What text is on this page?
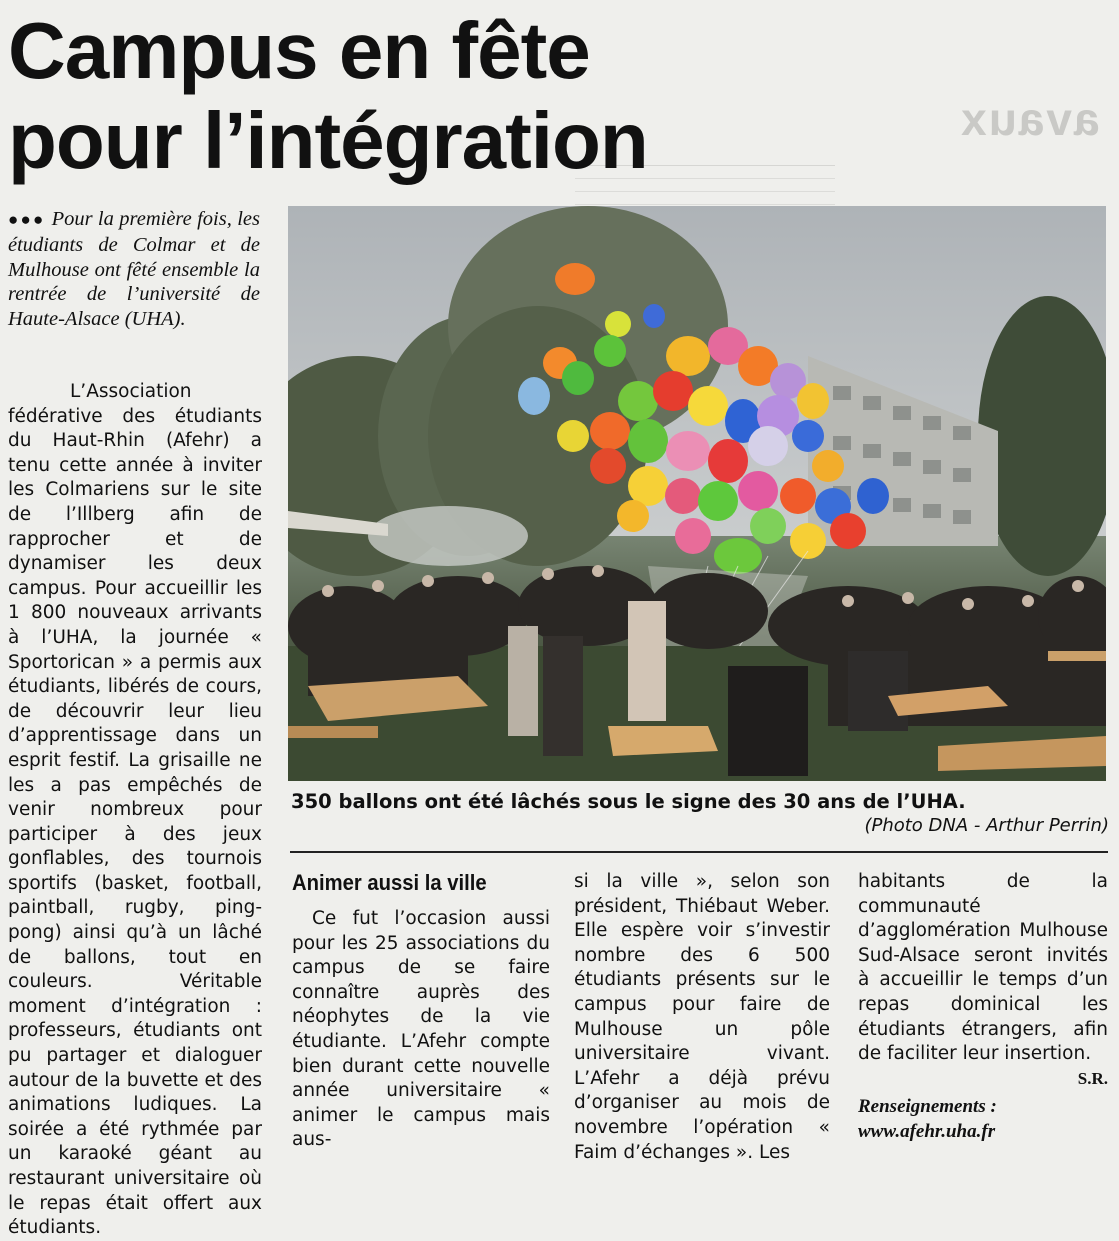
avaux
Campus en fête
pour l’intégration
●●● Pour la première fois, les étudiants de Colmar et de Mulhouse ont fêté ensemble la rentrée de l’université de Haute-Alsace (UHA).

L’Association fédérative des étudiants du Haut-Rhin (Afehr) a tenu cette année à inviter les Colmariens sur le site de l’Illberg afin de rapprocher et de dynamiser les deux campus. Pour accueillir les 1 800 nouveaux arrivants à l’UHA, la journée « Sportorican » a permis aux étudiants, libérés de cours, de découvrir leur lieu d’apprentissage dans un esprit festif. La grisaille ne les a pas empêchés de venir nombreux pour participer à des jeux gonflables, des tournois sportifs (basket, football, paintball, rugby, ping-pong) ainsi qu’à un lâché de ballons, tout en couleurs. Véritable moment d’intégration : professeurs, étudiants ont pu partager et dialoguer autour de la buvette et des animations ludiques. La soirée a été rythmée par un karaoké géant au restaurant universitaire où le repas était offert aux étudiants.

350 ballons ont été lâchés sous le signe des 30 ans de l’UHA.

(Photo DNA - Arthur Perrin)

Animer aussi la ville

Ce fut l’occasion aussi pour les 25 associations du campus de se faire connaître auprès des néophytes de la vie étudiante. L’Afehr compte bien durant cette nouvelle année universitaire « animer le campus mais aus-

si la ville », selon son président, Thiébaut Weber. Elle espère voir s’investir nombre des 6 500 étudiants présents sur le campus pour faire de Mulhouse un pôle universitaire vivant. L’Afehr a déjà prévu d’organiser au mois de novembre l’opération « Faim d’échanges ». Les

habitants de la communauté d’agglomération Mulhouse Sud-Alsace seront invités à accueillir le temps d’un repas dominical les étudiants étrangers, afin de faciliter leur insertion.

S.R.

Renseignements :

www.afehr.uha.fr
